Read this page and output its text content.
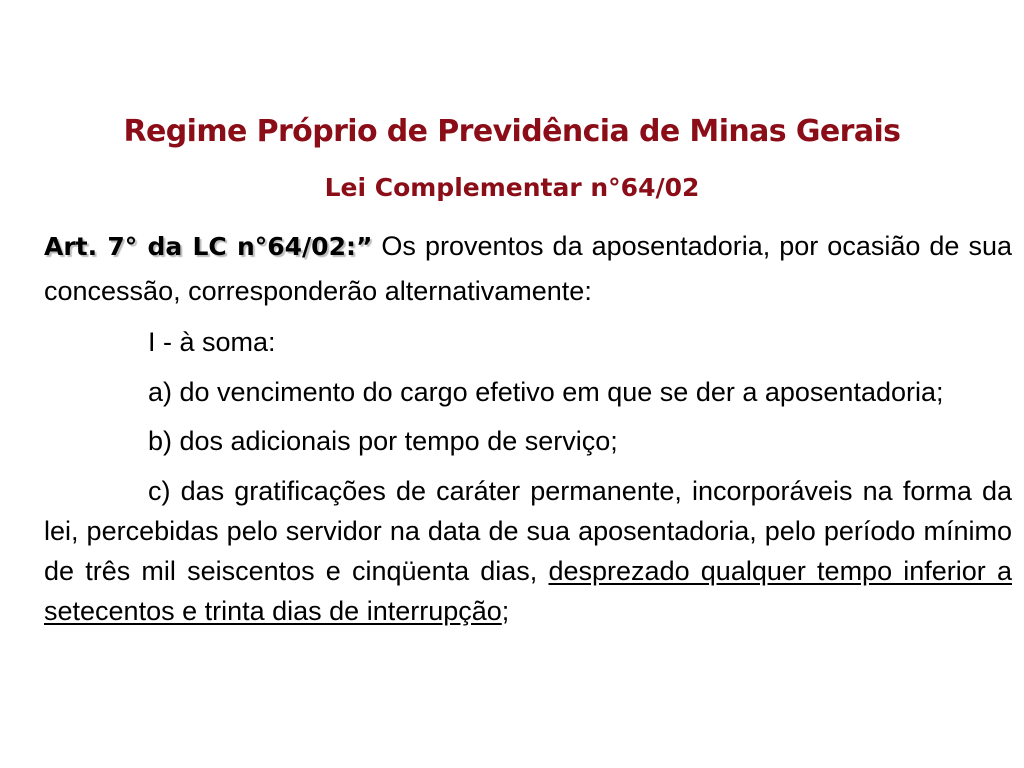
Regime Próprio de Previdência de Minas Gerais
Lei Complementar n°64/02

Art. 7° da LC n°64/02:” Os proventos da aposentadoria, por ocasião de sua concessão, corresponderão alternativamente:

I - à soma:

a) do vencimento do cargo efetivo em que se der a aposentadoria;

b) dos adicionais por tempo de serviço;

c) das gratificações de caráter permanente, incorporáveis na forma da lei, percebidas pelo servidor na data de sua aposentadoria, pelo período mínimo de três mil seiscentos e cinqüenta dias, desprezado qualquer tempo inferior a setecentos e trinta dias de interrupção;
